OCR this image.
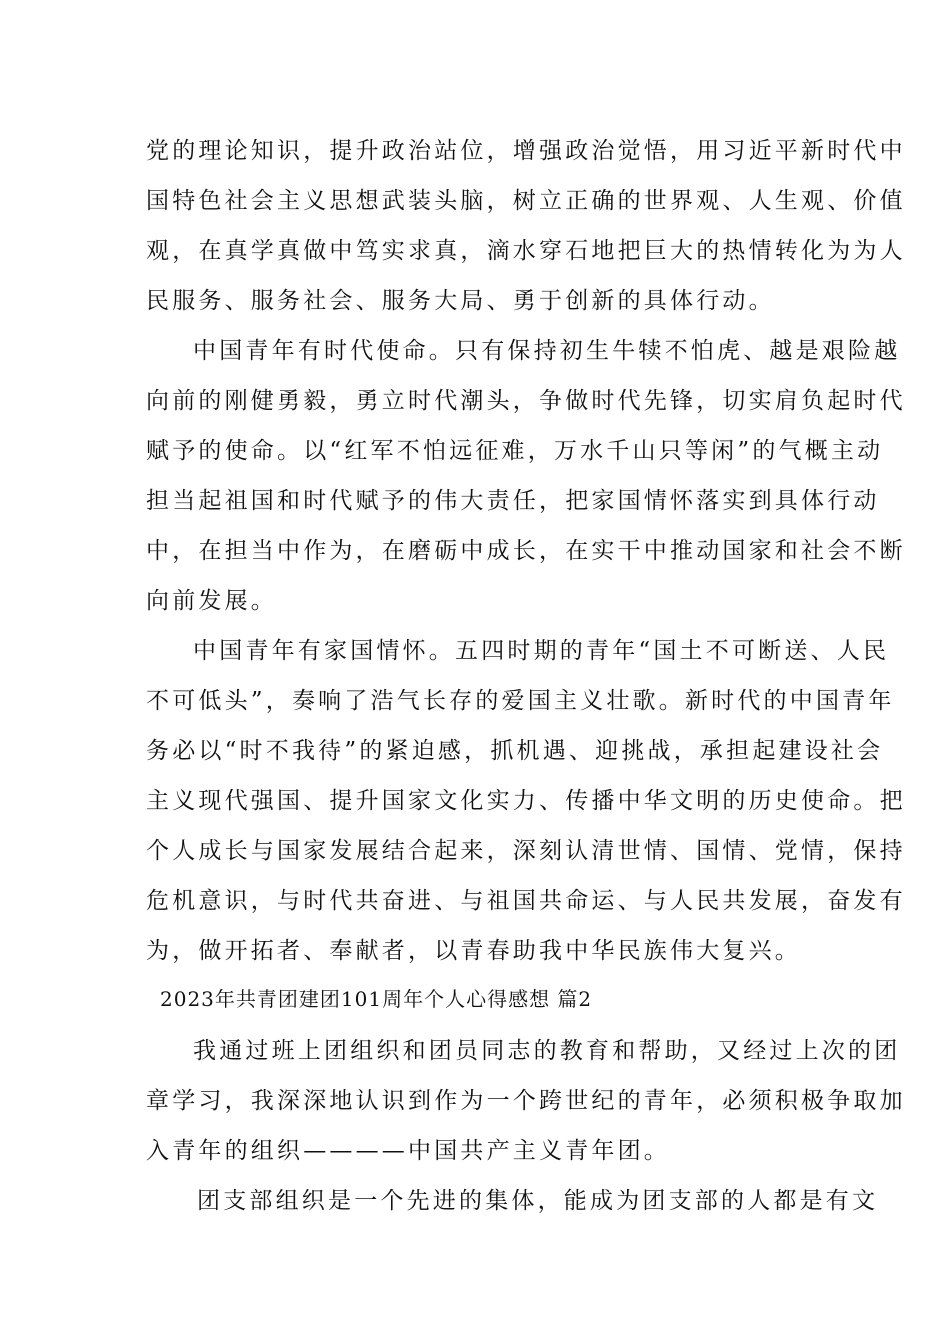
党的理论知识，提升政治站位，增强政治觉悟，用习近平新时代中
国特色社会主义思想武装头脑，树立正确的世界观、人生观、价值
观，在真学真做中笃实求真，滴水穿石地把巨大的热情转化为为人
民服务、服务社会、服务大局、勇于创新的具体行动。
中国青年有时代使命。只有保持初生牛犊不怕虎、越是艰险越
向前的刚健勇毅，勇立时代潮头，争做时代先锋，切实肩负起时代
赋予的使命。以“红军不怕远征难，万水千山只等闲”的气概主动
担当起祖国和时代赋予的伟大责任，把家国情怀落实到具体行动
中，在担当中作为，在磨砺中成长，在实干中推动国家和社会不断
向前发展。
中国青年有家国情怀。五四时期的青年“国土不可断送、人民
不可低头”，奏响了浩气长存的爱国主义壮歌。新时代的中国青年
务必以“时不我待”的紧迫感，抓机遇、迎挑战，承担起建设社会
主义现代强国、提升国家文化实力、传播中华文明的历史使命。把
个人成长与国家发展结合起来，深刻认清世情、国情、党情，保持
危机意识，与时代共奋进、与祖国共命运、与人民共发展，奋发有
为，做开拓者、奉献者，以青春助我中华民族伟大复兴。
2023年共青团建团101周年个人心得感想 篇2
我通过班上团组织和团员同志的教育和帮助，又经过上次的团
章学习，我深深地认识到作为一个跨世纪的青年，必须积极争取加
入青年的组织————中国共产主义青年团。
团支部组织是一个先进的集体，能成为团支部的人都是有文
